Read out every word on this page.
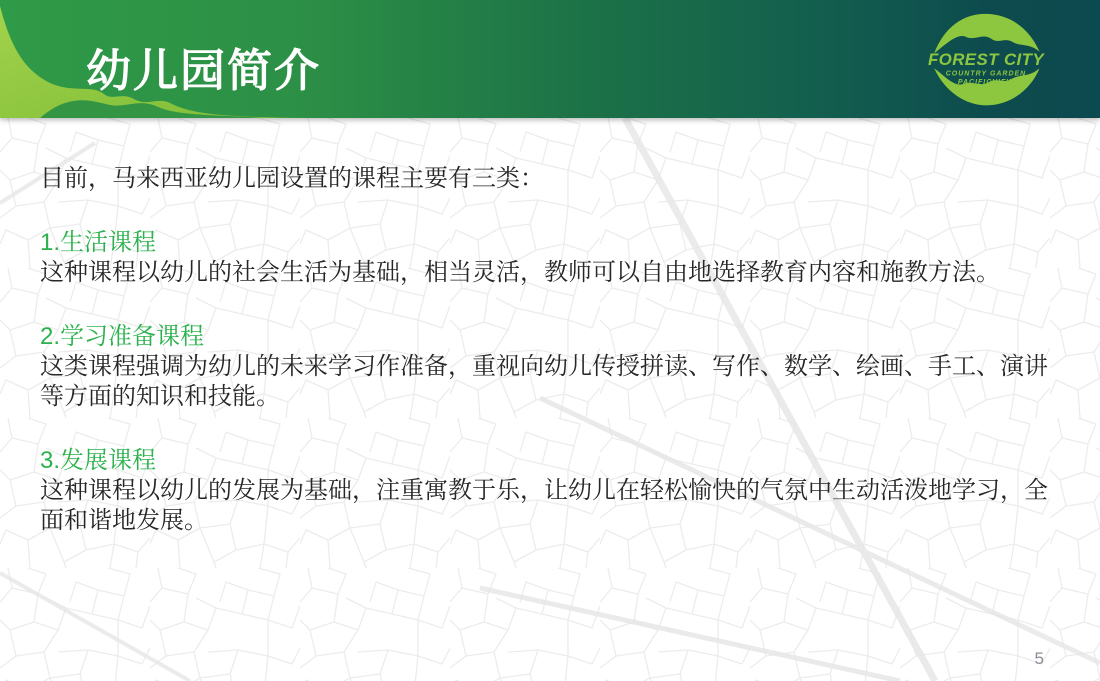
幼儿园简介	FOREST CITY
COUNTRY GARDEN
PACIFICVIEW

目前，马来西亚幼儿园设置的课程主要有三类：

1.生活课程

这种课程以幼儿的社会生活为基础，相当灵活，教师可以自由地选择教育内容和施教方法。

2.学习准备课程

这类课程强调为幼儿的未来学习作准备，重视向幼儿传授拼读、写作、数学、绘画、手工、演讲等方面的知识和技能。

3.发展课程

这种课程以幼儿的发展为基础，注重寓教于乐，让幼儿在轻松愉快的气氛中生动活泼地学习，全面和谐地发展。

5
